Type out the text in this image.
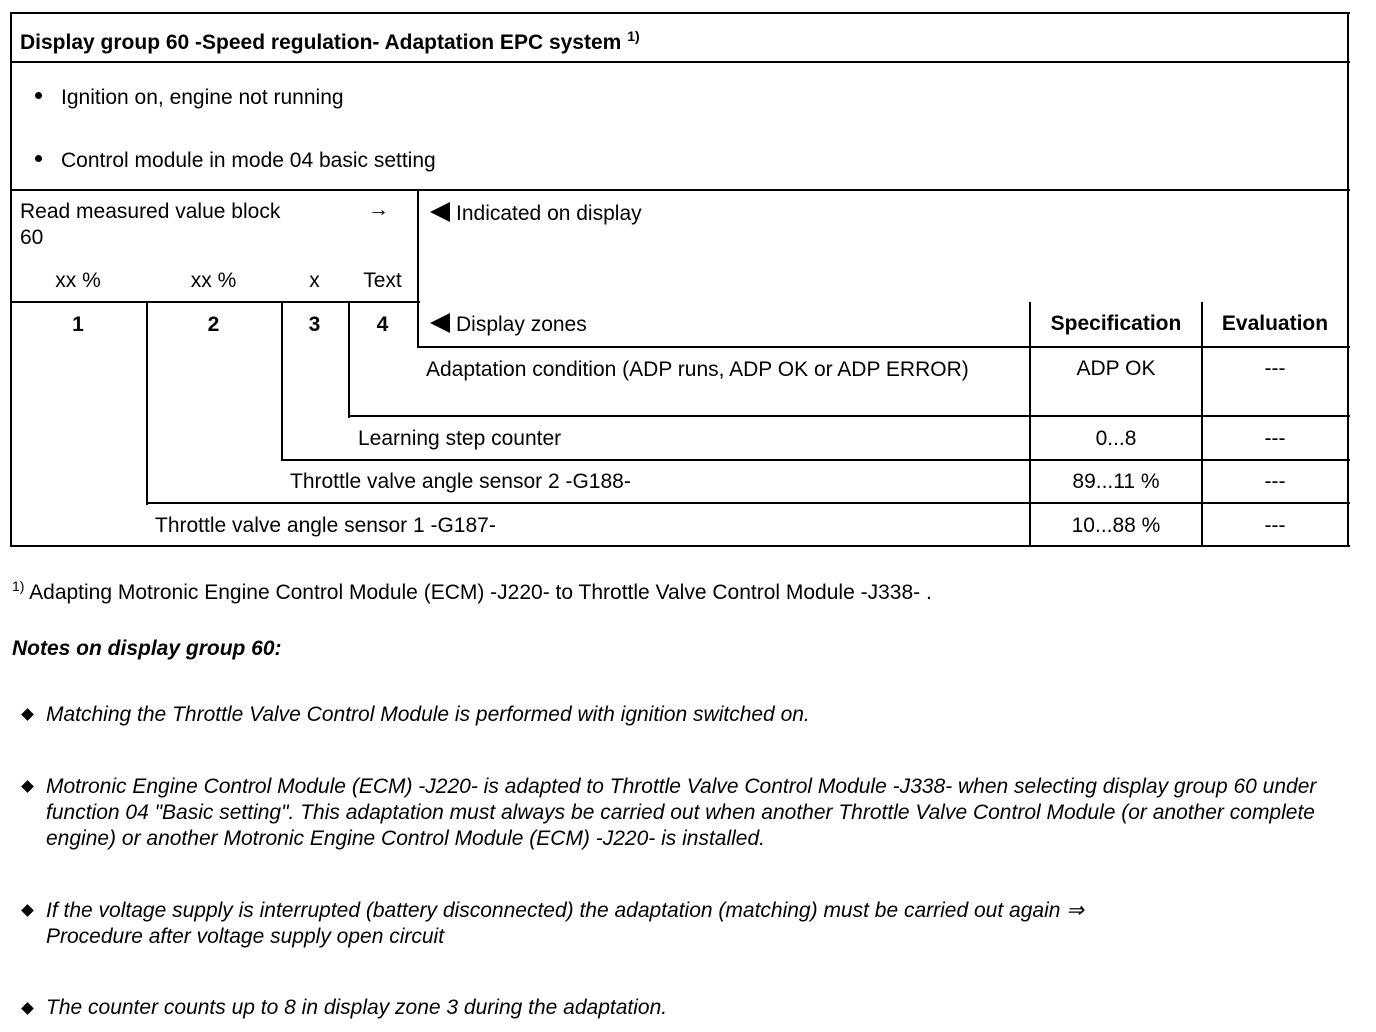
Display group 60 -Speed regulation- Adaptation EPC system $^{1)}$
Ignition on, engine not running
Control module in mode 04 basic setting
Read measured value block	→
60
xx %	xx %	x	Text
1	2	3	4
Indicated on display
Display zones	Specification	Evaluation
Adaptation condition (ADP runs, ADP OK or ADP ERROR)	ADP OK	---
Learning step counter	0...8	---
Throttle valve angle sensor 2 -G188-	89...11 %	---
Throttle valve angle sensor 1 -G187-	10...88 %	---
$^{1)}$ Adapting Motronic Engine Control Module (ECM) -J220- to Throttle Valve Control Module -J338- .
Notes on display group 60:
Matching the Throttle Valve Control Module is performed with ignition switched on.
Motronic Engine Control Module (ECM) -J220- is adapted to Throttle Valve Control Module -J338- when selecting display group 60 under function 04 "Basic setting". This adaptation must always be carried out when another Throttle Valve Control Module (or another complete engine) or another Motronic Engine Control Module (ECM) -J220- is installed.
If the voltage supply is interrupted (battery disconnected) the adaptation (matching) must be carried out again ⇒
Procedure after voltage supply open circuit
The counter counts up to 8 in display zone 3 during the adaptation.
